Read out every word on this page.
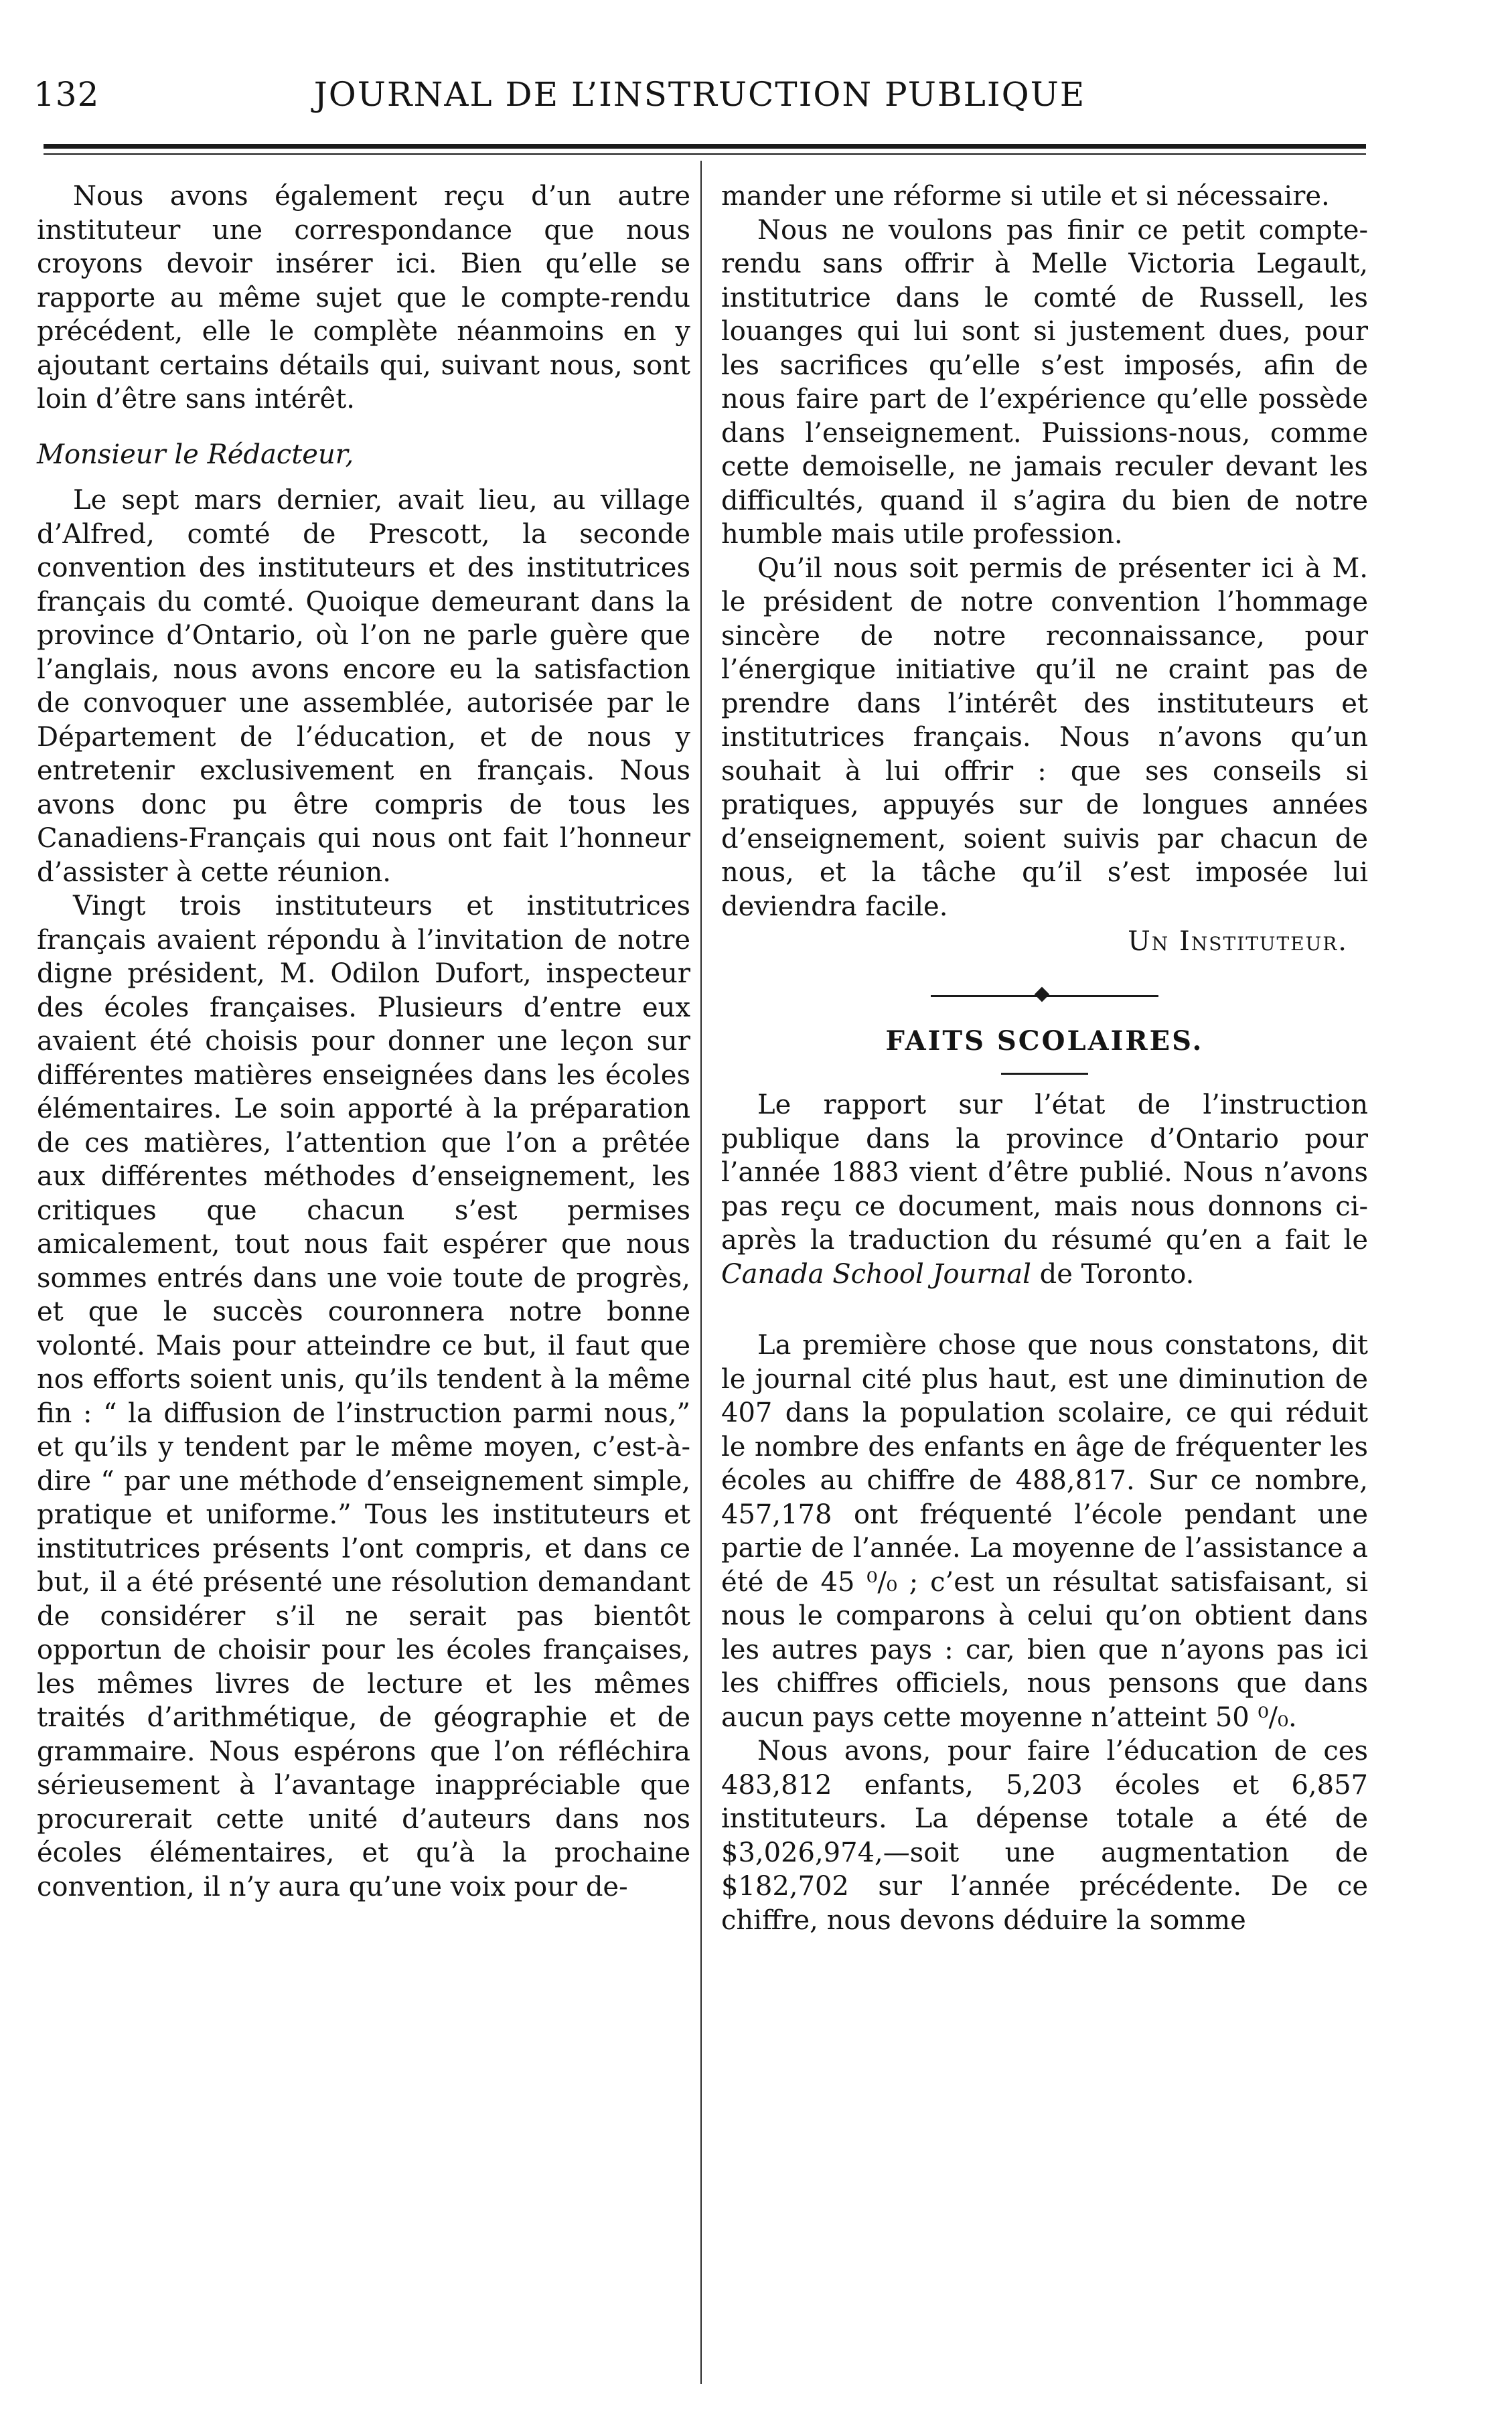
132	JOURNAL DE L’INSTRUCTION PUBLIQUE

Nous avons également reçu d’un autre instituteur une correspondance que nous croyons devoir insérer ici. Bien qu’elle se rapporte au même sujet que le compte-rendu précédent, elle le complète néanmoins en y ajoutant certains détails qui, suivant nous, sont loin d’être sans intérêt.

Monsieur le Rédacteur,

Le sept mars dernier, avait lieu, au village d’Alfred, comté de Prescott, la seconde convention des instituteurs et des institutrices français du comté. Quoique demeurant dans la province d’Ontario, où l’on ne parle guère que l’anglais, nous avons encore eu la satisfaction de convoquer une assemblée, autorisée par le Département de l’éducation, et de nous y entretenir exclusivement en français. Nous avons donc pu être compris de tous les Canadiens-Français qui nous ont fait l’honneur d’assister à cette réunion.

Vingt trois instituteurs et institutrices français avaient répondu à l’invitation de notre digne président, M. Odilon Dufort, inspecteur des écoles françaises. Plusieurs d’entre eux avaient été choisis pour donner une leçon sur différentes matières enseignées dans les écoles élémentaires. Le soin apporté à la préparation de ces matières, l’attention que l’on a prêtée aux différentes méthodes d’enseignement, les critiques que chacun s’est permises amicalement, tout nous fait espérer que nous sommes entrés dans une voie toute de progrès, et que le succès couronnera notre bonne volonté. Mais pour atteindre ce but, il faut que nos efforts soient unis, qu’ils tendent à la même fin : “ la diffusion de l’instruction parmi nous,” et qu’ils y tendent par le même moyen, c’est-à-dire “ par une méthode d’enseignement simple, pratique et uniforme.” Tous les instituteurs et institutrices présents l’ont compris, et dans ce but, il a été présenté une résolution demandant de considérer s’il ne serait pas bientôt opportun de choisir pour les écoles françaises, les mêmes livres de lecture et les mêmes traités d’arithmétique, de géographie et de grammaire. Nous espérons que l’on réfléchira sérieusement à l’avantage inappréciable que procurerait cette unité d’auteurs dans nos écoles élémentaires, et qu’à la prochaine convention, il n’y aura qu’une voix pour de-

mander une réforme si utile et si nécessaire.

Nous ne voulons pas finir ce petit compte-rendu sans offrir à Melle Victoria Legault, institutrice dans le comté de Russell, les louanges qui lui sont si justement dues, pour les sacrifices qu’elle s’est imposés, afin de nous faire part de l’expérience qu’elle possède dans l’enseignement. Puissions-nous, comme cette demoiselle, ne jamais reculer devant les difficultés, quand il s’agira du bien de notre humble mais utile profession.

Qu’il nous soit permis de présenter ici à M. le président de notre convention l’hommage sincère de notre reconnaissance, pour l’énergique initiative qu’il ne craint pas de prendre dans l’intérêt des instituteurs et institutrices français. Nous n’avons qu’un souhait à lui offrir : que ses conseils si pratiques, appuyés sur de longues années d’enseignement, soient suivis par chacun de nous, et la tâche qu’il s’est imposée lui deviendra facile.

Un Instituteur.

FAITS SCOLAIRES.

Le rapport sur l’état de l’instruction publique dans la province d’Ontario pour l’année 1883 vient d’être publié. Nous n’avons pas reçu ce document, mais nous donnons ci-après la traduction du résumé qu’en a fait le Canada School Journal de Toronto.

La première chose que nous constatons, dit le journal cité plus haut, est une diminution de 407 dans la population scolaire, ce qui réduit le nombre des enfants en âge de fréquenter les écoles au chiffre de 488,817. Sur ce nombre, 457,178 ont fréquenté l’école pendant une partie de l’année. La moyenne de l’assistance a été de 45 ⁰/₀ ; c’est un résultat satisfaisant, si nous le comparons à celui qu’on obtient dans les autres pays : car, bien que n’ayons pas ici les chiffres officiels, nous pensons que dans aucun pays cette moyenne n’atteint 50 ⁰/₀.

Nous avons, pour faire l’éducation de ces 483,812 enfants, 5,203 écoles et 6,857 instituteurs. La dépense totale a été de $3,026,974,—soit une augmentation de $182,702 sur l’année précédente. De ce chiffre, nous devons déduire la somme
